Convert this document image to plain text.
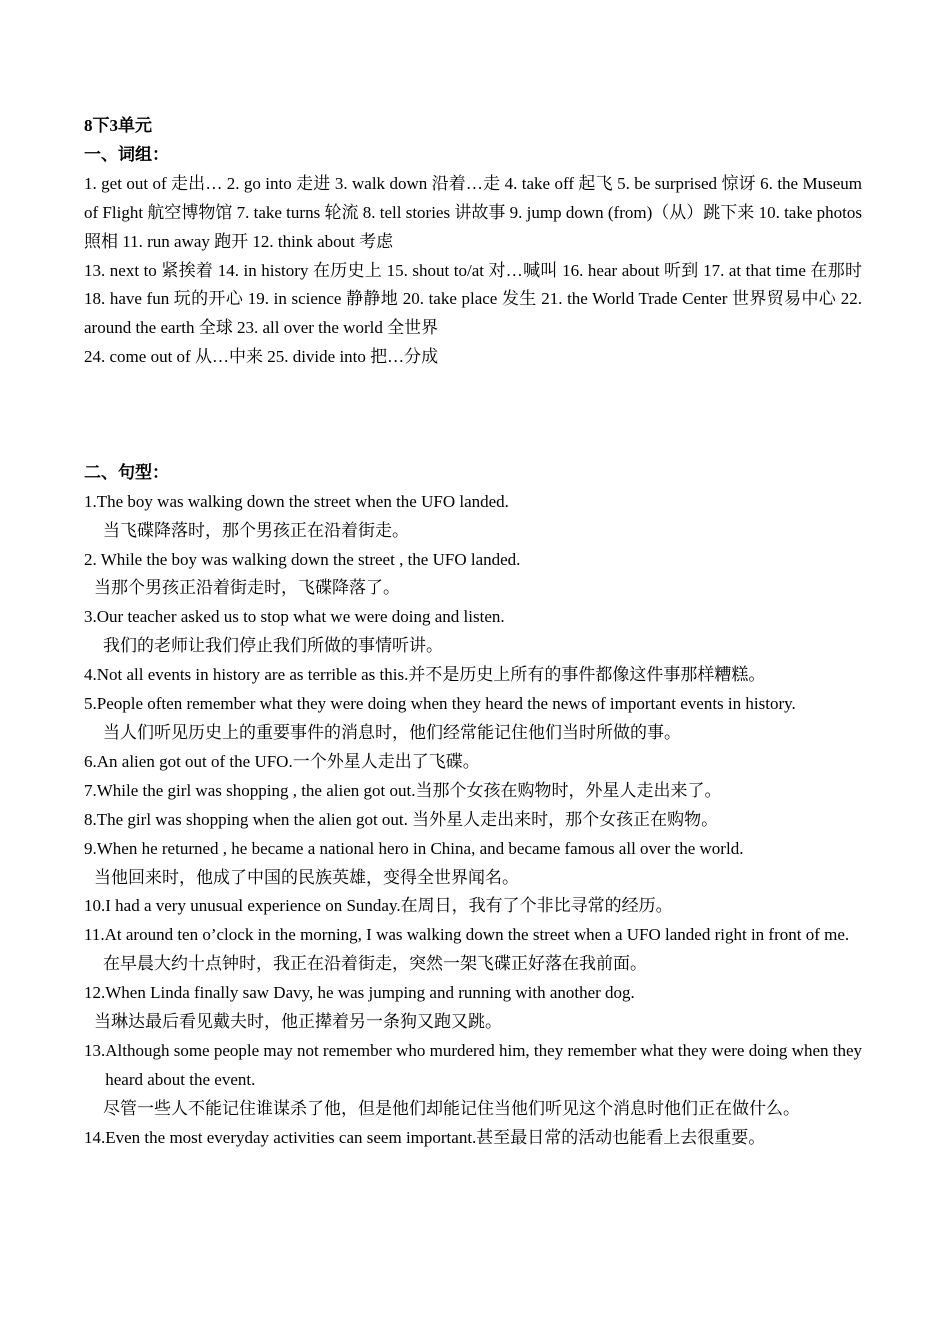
8下3单元
一、词组：
1. get out of 走出… 2. go into 走进 3. walk down 沿着…走 4. take off 起飞 5. be surprised 惊讶 6. the Museum of Flight 航空博物馆 7. take turns 轮流 8. tell stories 讲故事 9. jump down (from)（从）跳下来 10. take photos 照相 11. run away 跑开 12. think about 考虑
13. next to 紧挨着 14. in history 在历史上 15. shout to/at 对…喊叫 16. hear about 听到 17. at that time 在那时 18. have fun 玩的开心 19. in science 静静地 20. take place 发生 21. the World Trade Center 世界贸易中心 22. around the earth 全球 23. all over the world 全世界
24. come out of 从…中来 25. divide into 把…分成
二、句型：
1. The boy was walking down the street when the UFO landed.
当飞碟降落时，那个男孩正在沿着街走。
2. While the boy was walking down the street , the UFO landed.
当那个男孩正沿着街走时，飞碟降落了。
3. Our teacher asked us to stop what we were doing and listen.
我们的老师让我们停止我们所做的事情听讲。
4. Not all events in history are as terrible as this.并不是历史上所有的事件都像这件事那样糟糕。
5. People often remember what they were doing when they heard the news of important events in history.
当人们听见历史上的重要事件的消息时，他们经常能记住他们当时所做的事。
6. An alien got out of the UFO.一个外星人走出了飞碟。
7. While the girl was shopping , the alien got out.当那个女孩在购物时，外星人走出来了。
8. The girl was shopping when the alien got out. 当外星人走出来时，那个女孩正在购物。
9. When he returned , he became a national hero in China, and became famous all over the world.
当他回来时，他成了中国的民族英雄，变得全世界闻名。
10. I had a very unusual experience on Sunday.在周日，我有了个非比寻常的经历。
11. At around ten o’clock in the morning, I was walking down the street when a UFO landed right in front of me.
在早晨大约十点钟时，我正在沿着街走，突然一架飞碟正好落在我前面。
12. When Linda finally saw Davy, he was jumping and running with another dog.
当琳达最后看见戴夫时，他正撵着另一条狗又跑又跳。
13. Although some people may not remember who murdered him, they remember what they were doing when they heard about the event.
尽管一些人不能记住谁谋杀了他，但是他们却能记住当他们听见这个消息时他们正在做什么。
14. Even the most everyday activities can seem important.甚至最日常的活动也能看上去很重要。
